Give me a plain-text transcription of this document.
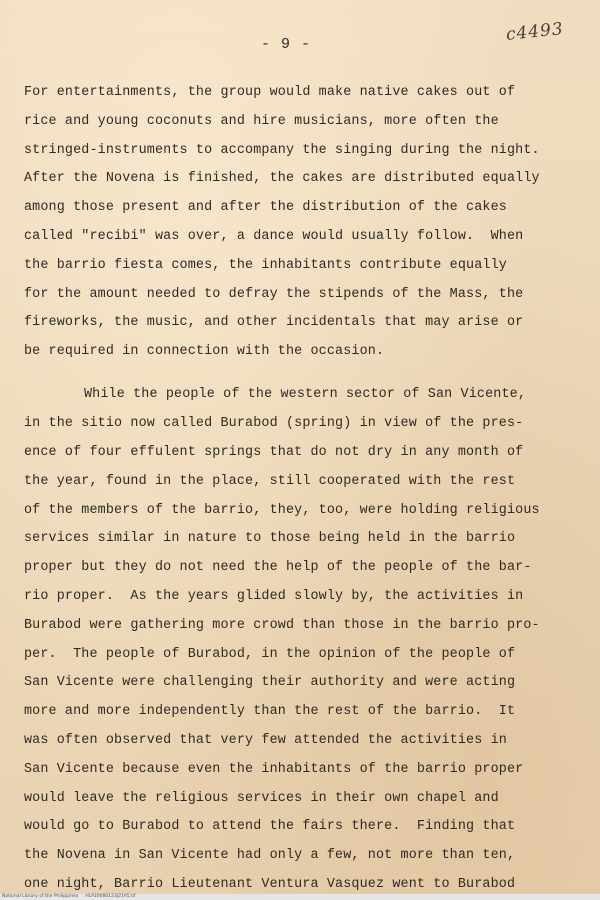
- 9 -	c4493
For entertainments, the group would make native cakes out of
rice and young coconuts and hire musicians, more often the
stringed-instruments to accompany the singing during the night.
After the Novena is finished, the cakes are distributed equally
among those present and after the distribution of the cakes
called "recibi" was over, a dance would usually follow.  When
the barrio fiesta comes, the inhabitants contribute equally
for the amount needed to defray the stipends of the Mass, the
fireworks, the music, and other incidentals that may arise or
be required in connection with the occasion.
While the people of the western sector of San Vicente,
in the sitio now called Burabod (spring) in view of the pres-
ence of four effulent springs that do not dry in any month of
the year, found in the place, still cooperated with the rest
of the members of the barrio, they, too, were holding religious
services similar in nature to those being held in the barrio
proper but they do not need the help of the people of the bar-
rio proper.  As the years glided slowly by, the activities in
Burabod were gathering more crowd than those in the barrio pro-
per.  The people of Burabod, in the opinion of the people of
San Vicente were challenging their authority and were acting
more and more independently than the rest of the barrio.  It
was often observed that very few attended the activities in
San Vicente because even the inhabitants of the barrio proper
would leave the religious services in their own chapel and
would go to Burabod to attend the fairs there.  Finding that
the Novena in San Vicente had only a few, not more than ten,
one night, Barrio Lieutenant Ventura Vasquez went to Burabod
National Library of the Philippines     HLP20080123J2195.tif
